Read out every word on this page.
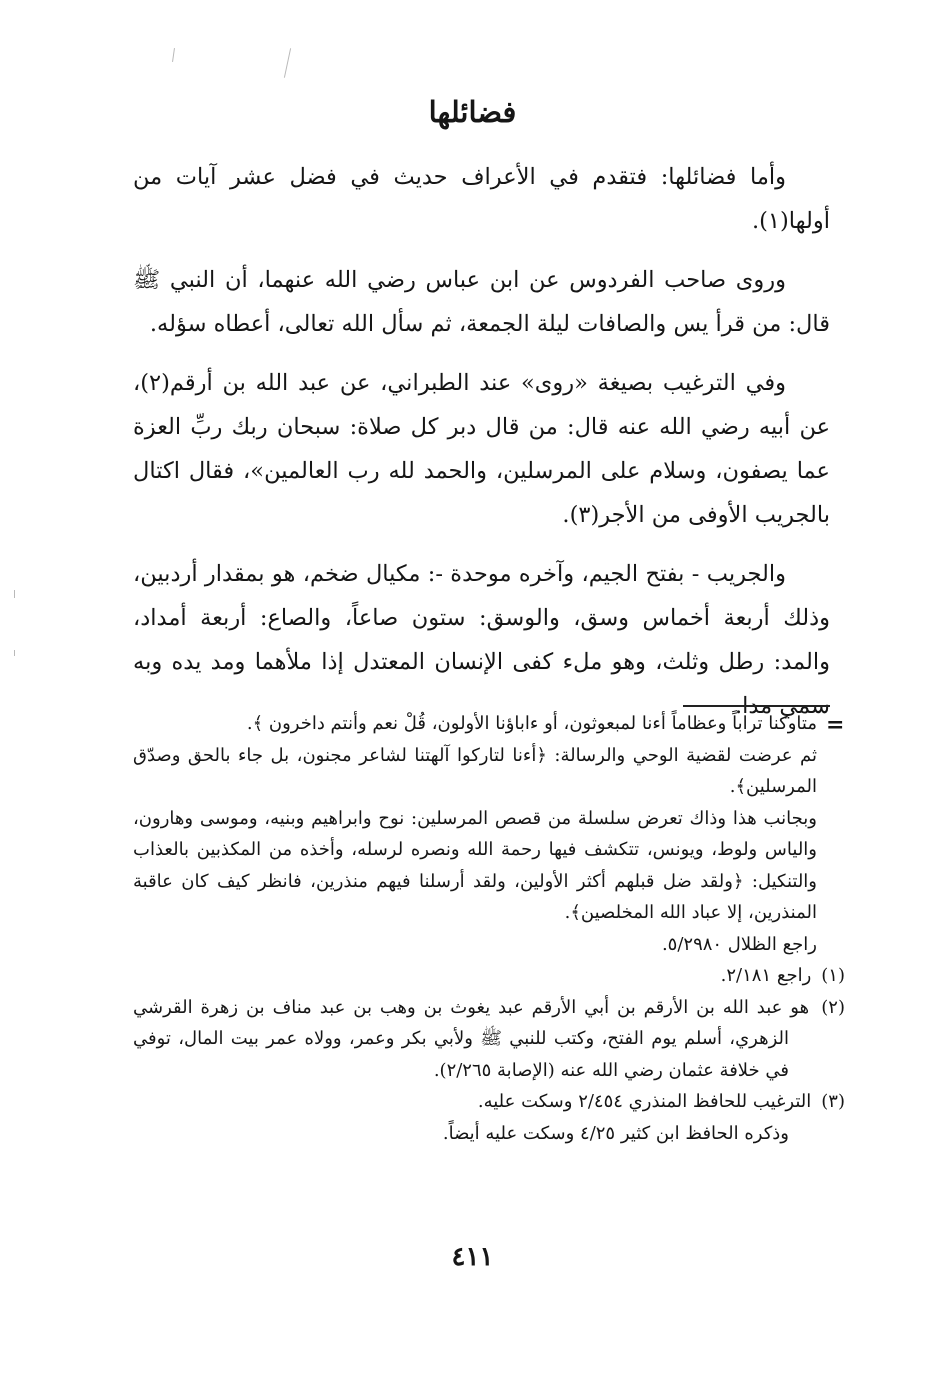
فضائلها

وأما فضائلها: فتقدم في الأعراف حديث في فضل عشر آيات من أولها(١).

وروى صاحب الفردوس عن ابن عباس رضي الله عنهما، أن النبي ﷺ قال: من قرأ يس والصافات ليلة الجمعة، ثم سأل الله تعالى، أعطاه سؤله.

وفي الترغيب بصيغة «روى» عند الطبراني، عن عبد الله بن أرقم(٢)، عن أبيه رضي الله عنه قال: من قال دبر كل صلاة: سبحان ربك ربِّ العزة عما يصفون، وسلام على المرسلين، والحمد لله رب العالمين»، فقال اكتال بالجريب الأوفى من الأجر(٣).

والجريب - بفتح الجيم، وآخره موحدة -: مكيال ضخم، هو بمقدار أردبين، وذلك أربعة أخماس وسق، والوسق: ستون صاعاً، والصاع: أربعة أمداد، والمد: رطل وثلث، وهو ملء كفى الإنسان المعتدل إذا ملأهما ومد يده وبه سمي مدا.

=

متاوكنا تراباً وعظاماً أءنا لمبعوثون، أو ءاباؤنا الأولون، قُلْ نعم وأنتم داخرون ﴾.

ثم عرضت لقضية الوحي والرسالة: ﴿أءنا لتاركوا آلهتنا لشاعر مجنون، بل جاء بالحق وصدّق المرسلين﴾.

وبجانب هذا وذاك تعرض سلسلة من قصص المرسلين: نوح وابراهيم وبنيه، وموسى وهارون، والياس ولوط، ويونس، تتكشف فيها رحمة الله ونصره لرسله، وأخذه من المكذبين بالعذاب والتنكيل: ﴿ولقد ضل قبلهم أكثر الأولين، ولقد أرسلنا فيهم منذرين، فانظر كيف كان عاقبة المنذرين، إلا عباد الله المخلصين﴾.

راجع الظلال ٥/٢٩٨٠.

(١) راجع ٢/١٨١.

(٢) هو عبد الله بن الأرقم بن أبي الأرقم عبد يغوث بن وهب بن عبد مناف بن زهرة القرشي الزهري، أسلم يوم الفتح، وكتب للنبي ﷺ ولأبي بكر وعمر، وولاه عمر بيت المال، توفي في خلافة عثمان رضي الله عنه (الإصابة ٢/٢٦٥).

(٣) الترغيب للحافظ المنذري ٢/٤٥٤ وسكت عليه.

وذكره الحافظ ابن كثير ٤/٢٥ وسكت عليه أيضاً.

٤١١
